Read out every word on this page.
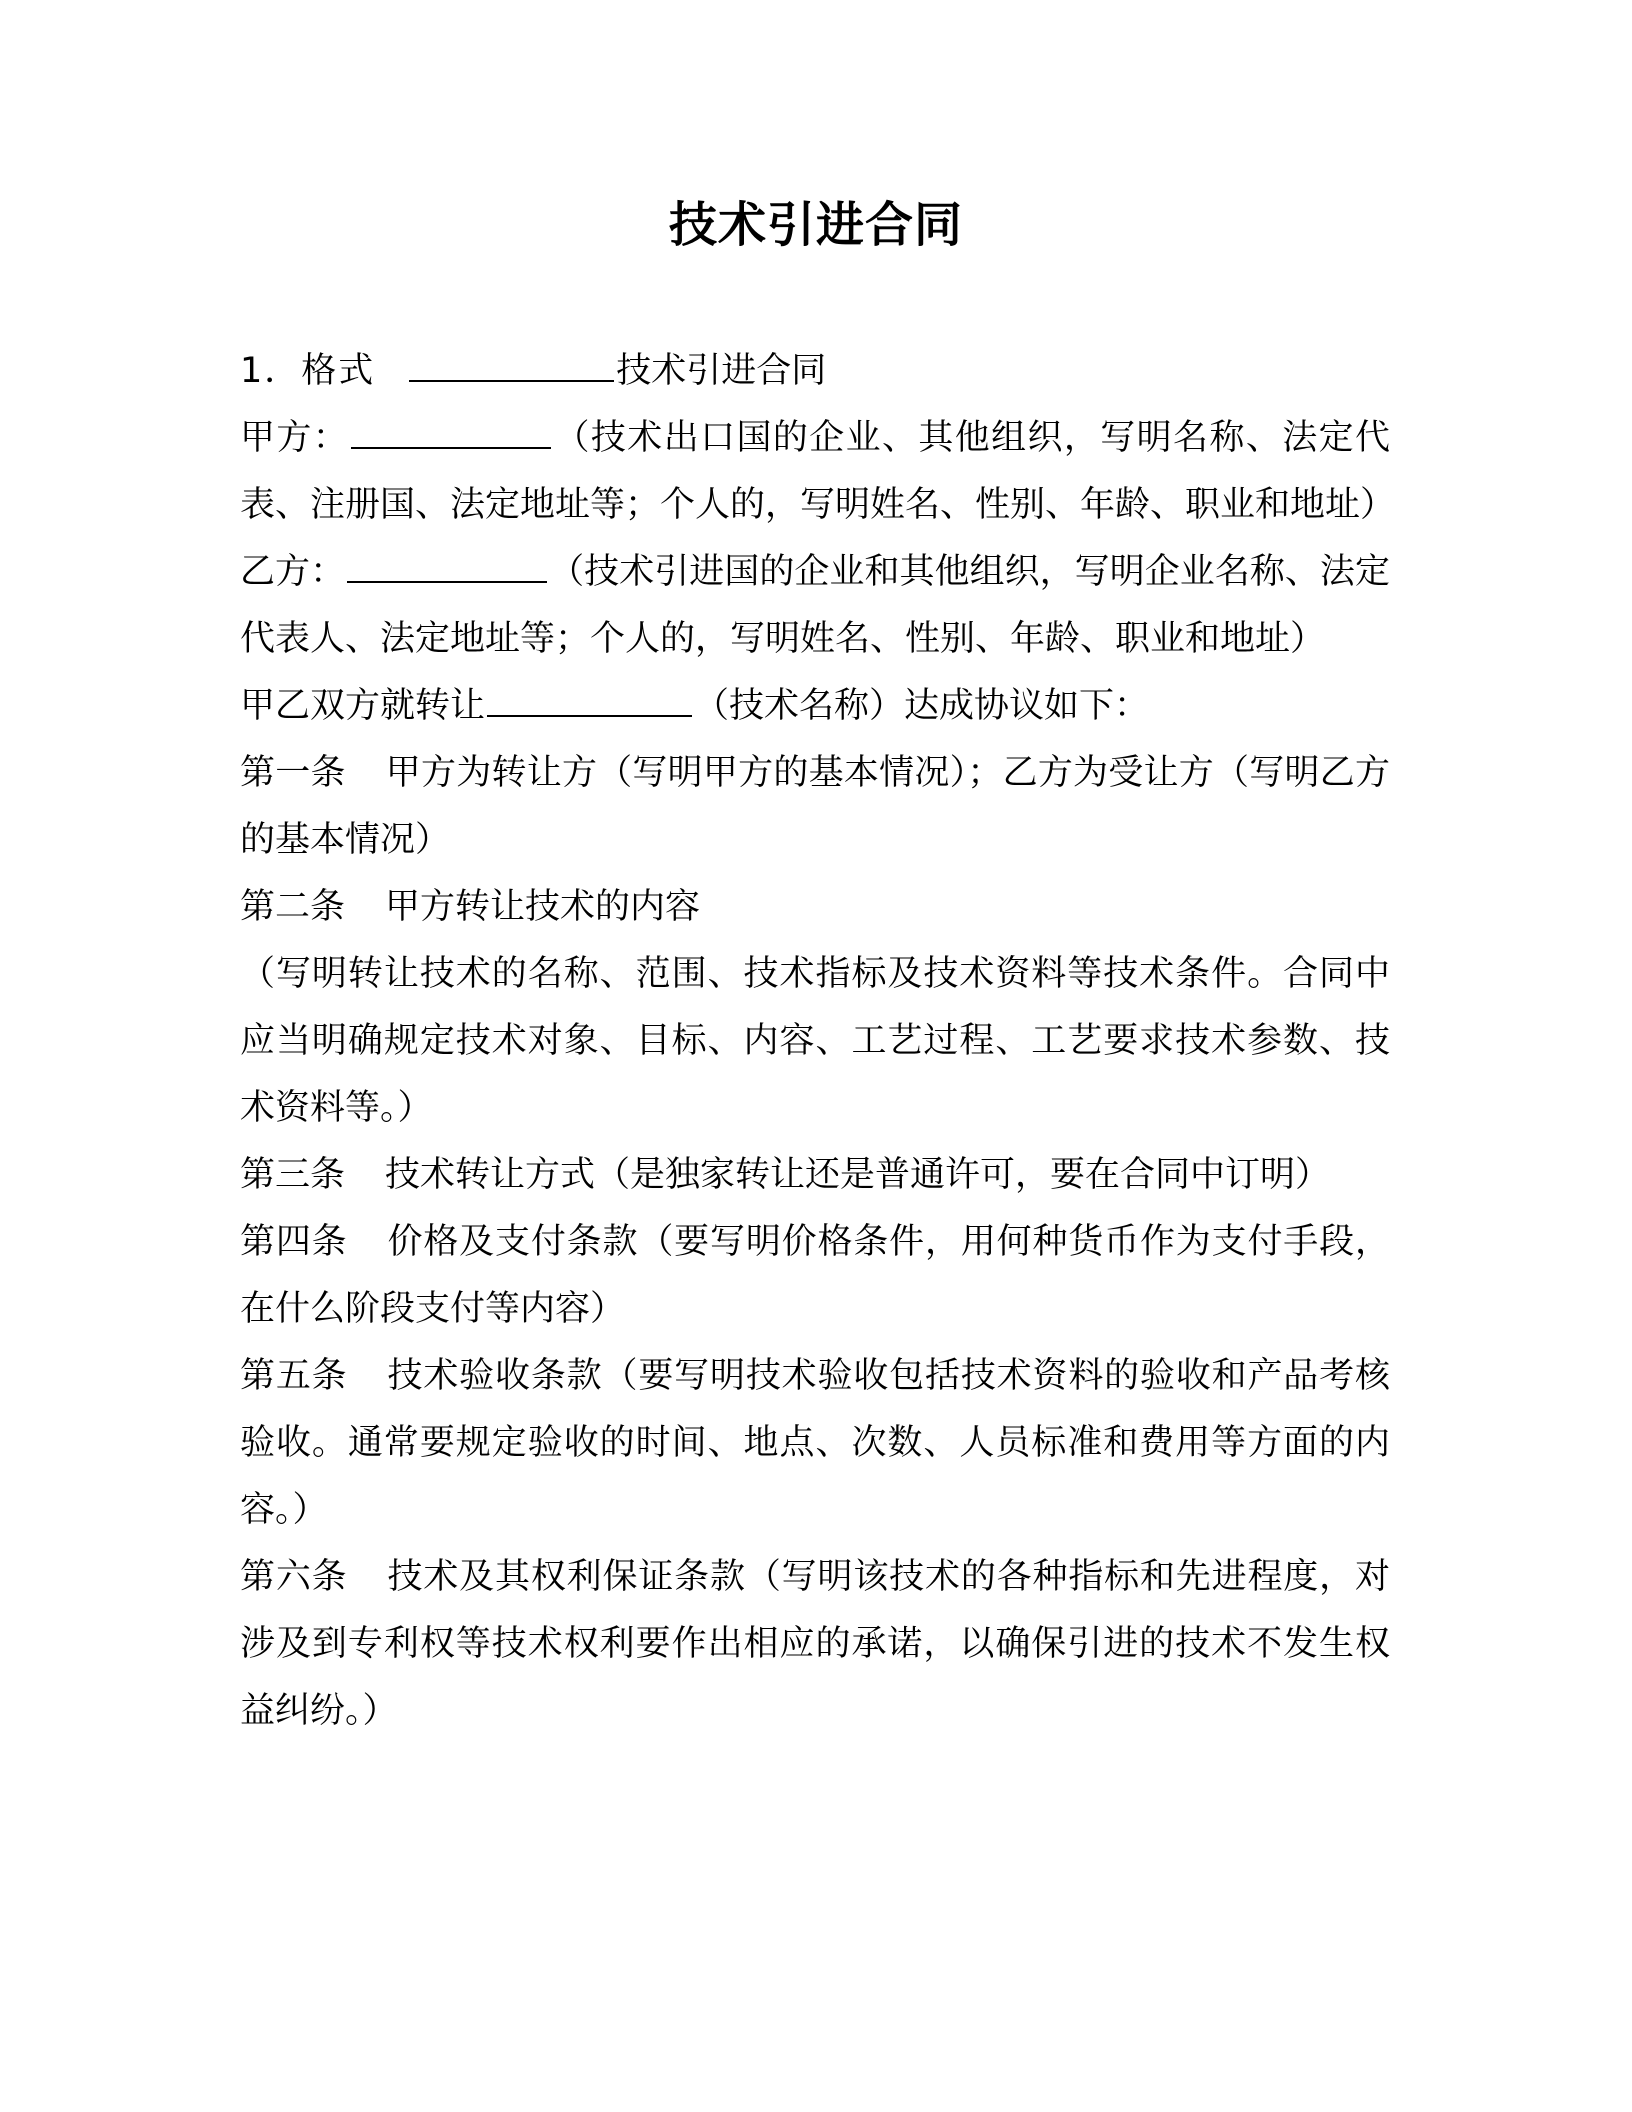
技术引进合同

1．格式	技术引进合同

甲方：	（技术出口国的企业、其他组织，写明名称、法定代表、注册国、法定地址等；个人的，写明姓名、性别、年龄、职业和地址）

乙方：	（技术引进国的企业和其他组织，写明企业名称、法定代表人、法定地址等；个人的，写明姓名、性别、年龄、职业和地址）

甲乙双方就转让	（技术名称）达成协议如下：

第一条 甲方为转让方（写明甲方的基本情况）；乙方为受让方（写明乙方的基本情况）

第二条 甲方转让技术的内容

（写明转让技术的名称、范围、技术指标及技术资料等技术条件。合同中应当明确规定技术对象、目标、内容、工艺过程、工艺要求技术参数、技术资料等。）

第三条 技术转让方式（是独家转让还是普通许可，要在合同中订明）

第四条 价格及支付条款（要写明价格条件，用何种货币作为支付手段，在什么阶段支付等内容）

第五条 技术验收条款（要写明技术验收包括技术资料的验收和产品考核验收。通常要规定验收的时间、地点、次数、人员标准和费用等方面的内容。）

第六条 技术及其权利保证条款（写明该技术的各种指标和先进程度，对涉及到专利权等技术权利要作出相应的承诺，以确保引进的技术不发生权益纠纷。）
